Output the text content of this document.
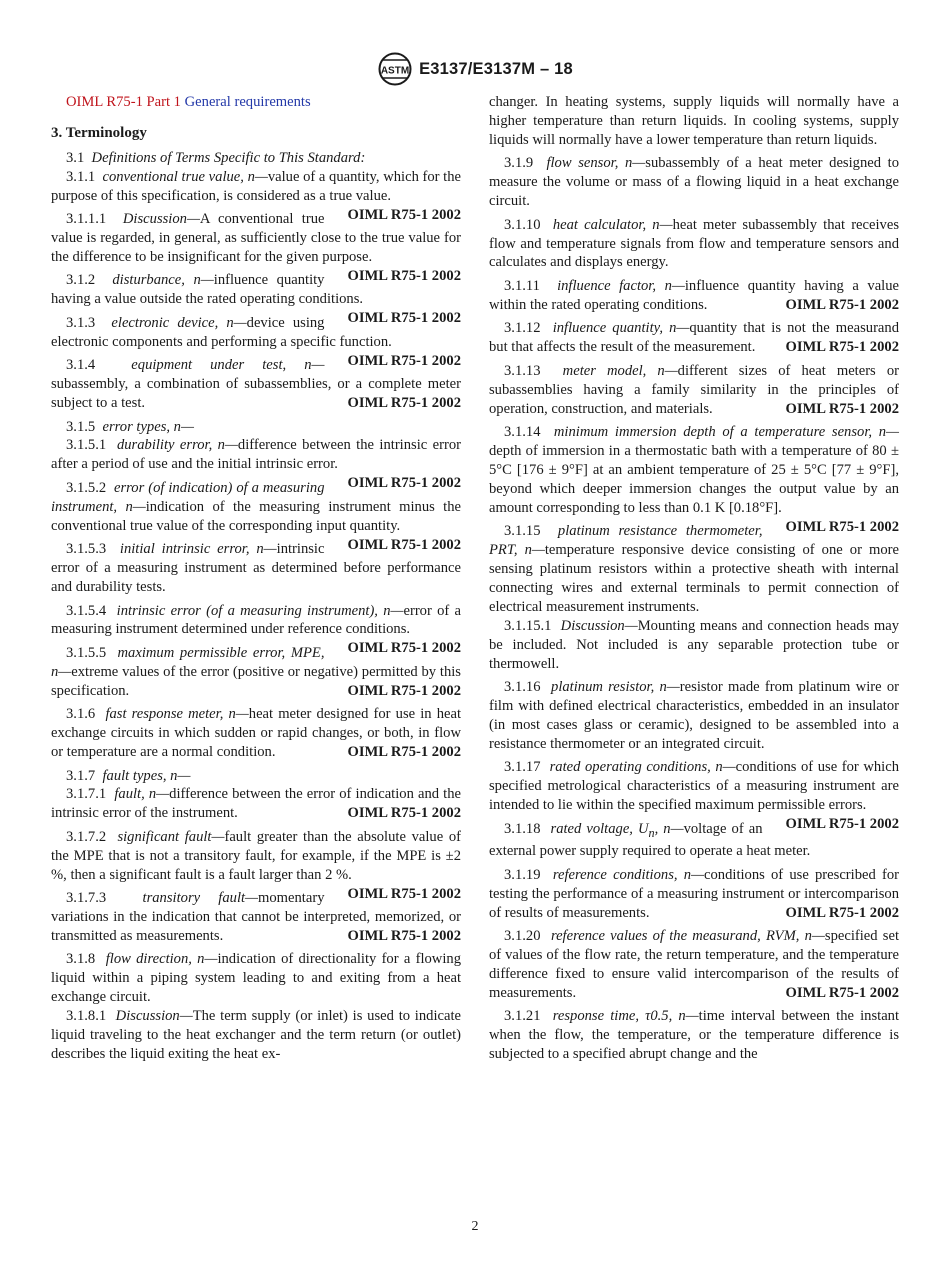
ASTM E3137/E3137M – 18
OIML R75-1 Part 1 General requirements
3. Terminology

3.1 Definitions of Terms Specific to This Standard:

3.1.1 conventional true value, n—value of a quantity, which for the purpose of this specification, is considered as a true value.
OIML R75-1 2002

3.1.1.1 Discussion—A conventional true value is regarded, in general, as sufficiently close to the true value for the difference to be insignificant for the given purpose.
OIML R75-1 2002

3.1.2 disturbance, n—influence quantity having a value outside the rated operating conditions.
OIML R75-1 2002

3.1.3 electronic device, n—device using electronic components and performing a specific function.
OIML R75-1 2002

3.1.4 equipment under test, n—subassembly, a combination of subassemblies, or a complete meter subject to a test.	OIML R75-1 2002

3.1.5 error types, n—

3.1.5.1 durability error, n—difference between the intrinsic error after a period of use and the initial intrinsic error.
OIML R75-1 2002

3.1.5.2 error (of indication) of a measuring instrument, n—indication of the measuring instrument minus the conventional true value of the corresponding input quantity.
OIML R75-1 2002

3.1.5.3 initial intrinsic error, n—intrinsic error of a measuring instrument as determined before performance and durability tests.

3.1.5.4 intrinsic error (of a measuring instrument), n—error of a measuring instrument determined under reference conditions.
OIML R75-1 2002

3.1.5.5 maximum permissible error, MPE, n—extreme values of the error (positive or negative) permitted by this specification.	OIML R75-1 2002

3.1.6 fast response meter, n—heat meter designed for use in heat exchange circuits in which sudden or rapid changes, or both, in flow or temperature are a normal condition.	OIML R75-1 2002

3.1.7 fault types, n—

3.1.7.1 fault, n—difference between the error of indication and the intrinsic error of the instrument.	OIML R75-1 2002

3.1.7.2 significant fault—fault greater than the absolute value of the MPE that is not a transitory fault, for example, if the MPE is ±2 %, then a significant fault is a fault larger than 2 %.
OIML R75-1 2002

3.1.7.3 transitory fault—momentary variations in the indication that cannot be interpreted, memorized, or transmitted as measurements.	OIML R75-1 2002

3.1.8 flow direction, n—indication of directionality for a flowing liquid within a piping system leading to and exiting from a heat exchange circuit.

3.1.8.1 Discussion—The term supply (or inlet) is used to indicate liquid traveling to the heat exchanger and the term return (or outlet) describes the liquid exiting the heat ex-

changer. In heating systems, supply liquids will normally have a higher temperature than return liquids. In cooling systems, supply liquids will normally have a lower temperature than return liquids.

3.1.9 flow sensor, n—subassembly of a heat meter designed to measure the volume or mass of a flowing liquid in a heat exchange circuit.

3.1.10 heat calculator, n—heat meter subassembly that receives flow and temperature signals from flow and temperature sensors and calculates and displays energy.

3.1.11 influence factor, n—influence quantity having a value within the rated operating conditions.	OIML R75-1 2002

3.1.12 influence quantity, n—quantity that is not the measurand but that affects the result of the measurement.	OIML R75-1 2002

3.1.13 meter model, n—different sizes of heat meters or subassemblies having a family similarity in the principles of operation, construction, and materials.	OIML R75-1 2002

3.1.14 minimum immersion depth of a temperature sensor, n—depth of immersion in a thermostatic bath with a temperature of 80 ± 5°C [176 ± 9°F] at an ambient temperature of 25 ± 5°C [77 ± 9°F], beyond which deeper immersion changes the output value by an amount corresponding to less than 0.1 K [0.18°F].
OIML R75-1 2002

3.1.15 platinum resistance thermometer, PRT, n—temperature responsive device consisting of one or more sensing platinum resistors within a protective sheath with internal connecting wires and external terminals to permit connection of electrical measurement instruments.

3.1.15.1 Discussion—Mounting means and connection heads may be included. Not included is any separable protection tube or thermowell.

3.1.16 platinum resistor, n—resistor made from platinum wire or film with defined electrical characteristics, embedded in an insulator (in most cases glass or ceramic), designed to be assembled into a resistance thermometer or an integrated circuit.

3.1.17 rated operating conditions, n—conditions of use for which specified metrological characteristics of a measuring instrument are intended to lie within the specified maximum permissible errors.
OIML R75-1 2002

3.1.18 rated voltage, $U_n$, n—voltage of an external power supply required to operate a heat meter.

3.1.19 reference conditions, n—conditions of use prescribed for testing the performance of a measuring instrument or intercomparison of results of measurements.	OIML R75-1 2002

3.1.20 reference values of the measurand, RVM, n—specified set of values of the flow rate, the return temperature, and the temperature difference fixed to ensure valid intercomparison of the results of measurements.	OIML R75-1 2002

3.1.21 response time, τ0.5, n—time interval between the instant when the flow, the temperature, or the temperature difference is subjected to a specified abrupt change and the

2
